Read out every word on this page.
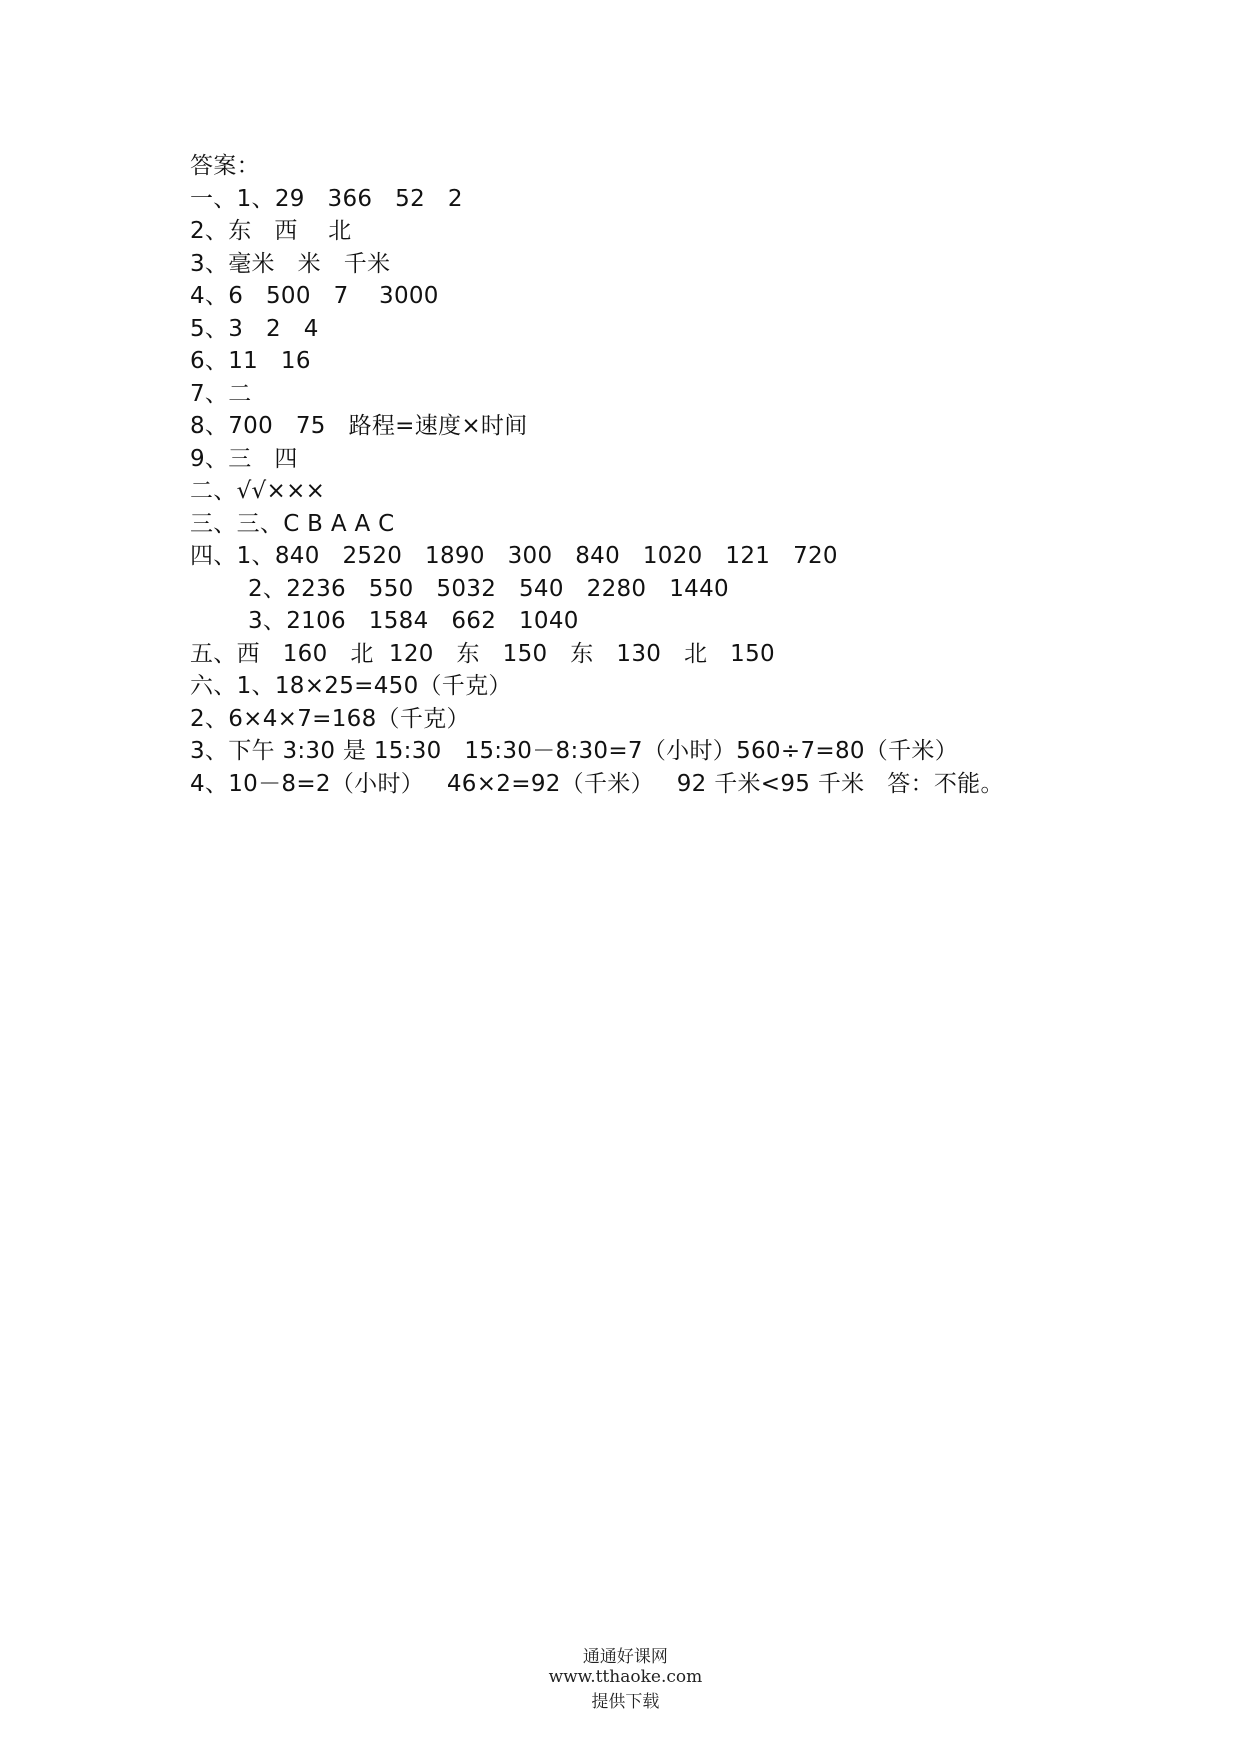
答案：
一、1、29   366   52   2
2、东   西    北
3、毫米   米   千米
4、6   500   7    3000
5、3   2   4
6、11   16
7、二
8、700   75   路程=速度×时间
9、三   四
二、√√×××
三、三、C B A A C
四、1、840   2520   1890   300   840   1020   121   720
2、2236   550   5032   540   2280   1440
3、2106   1584   662   1040
五、西   160   北  120   东   150   东   130   北   150
六、1、18×25=450（千克）
2、6×4×7=168（千克）
3、下午 3:30 是 15:30   15:30－8:30=7（小时）560÷7=80（千米）
4、10－8=2（小时）   46×2=92（千米）   92 千米<95 千米   答：不能。

通通好课网
www.tthaoke.com
提供下载
